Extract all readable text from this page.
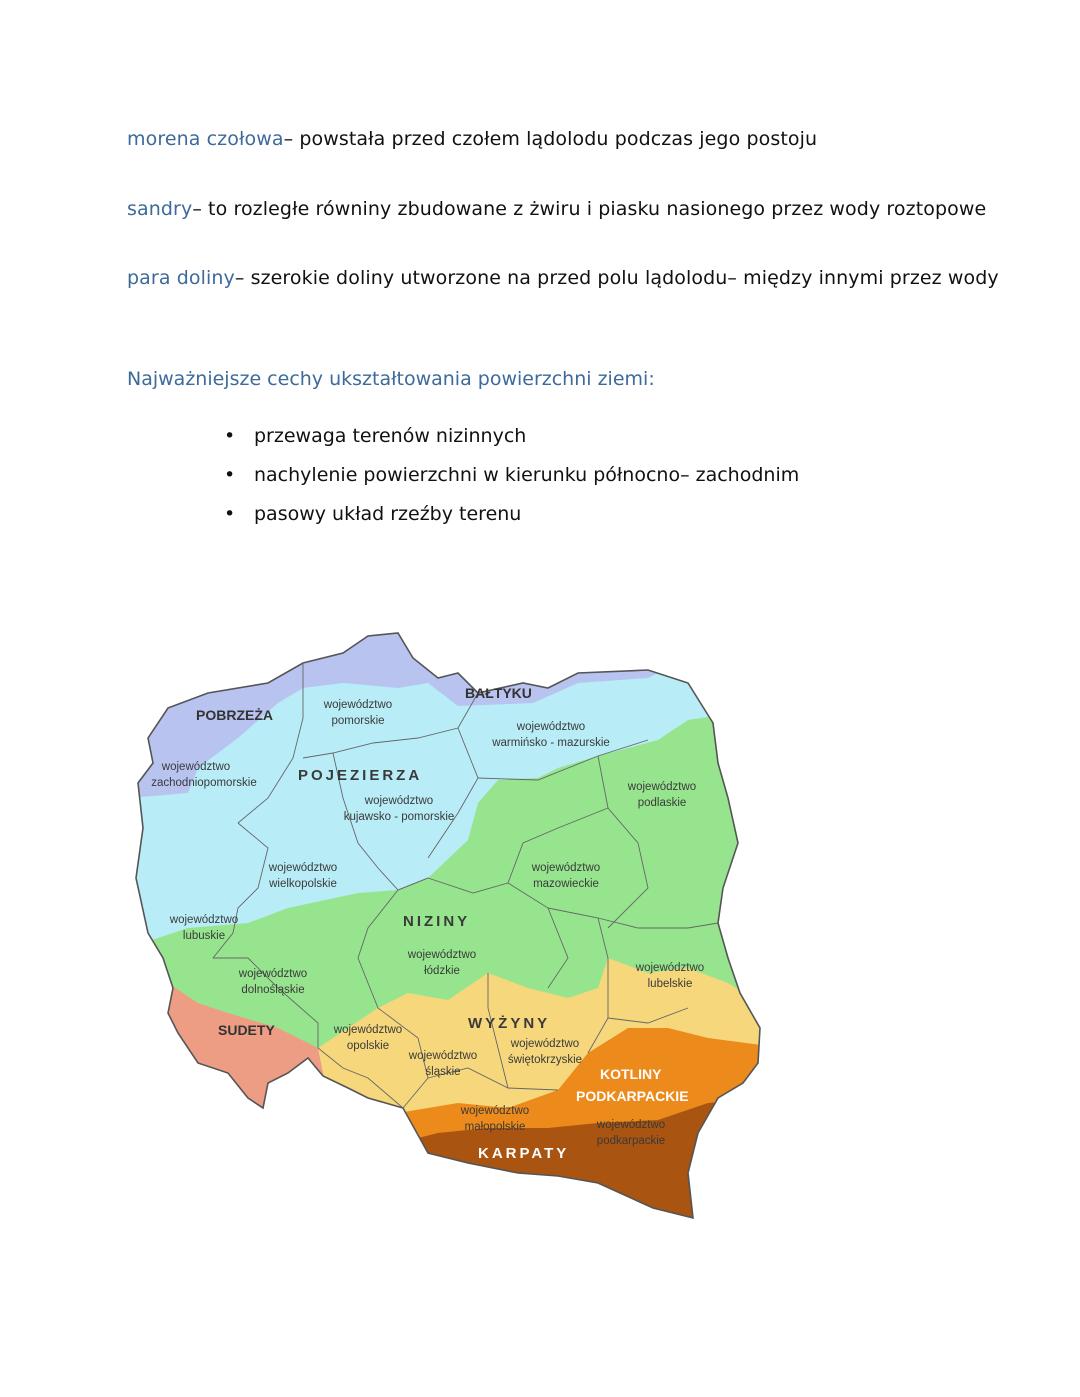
morena czołowa– powstała przed czołem lądolodu podczas jego postoju
sandry– to rozległe równiny zbudowane z żwiru i piasku nasionego przez wody roztopowe
para doliny– szerokie doliny utworzone na przed polu lądolodu– między innymi przez wody
Najważniejsze cechy ukształtowania powierzchni ziemi:
• przewaga terenów nizinnych
• nachylenie powierzchni w kierunku północno– zachodnim
• pasowy układ rzeźby terenu
POBRZEŻA
BAŁTYKU
POJEZIERZA
NIZINY
WYŻYNY
KOTLINY
PODKARPACKIE
KARPATY
SUDETY
województwo pomorskie	województwo warmińsko - mazurskie
województwo zachodniopomorskie
województwo kujawsko - pomorskie
województwo podlaskie
województwo wielkopolskie
województwo mazowieckie
województwo lubuskie
województwo łódzkie
województwo dolnośląskie
województwo lubelskie
województwo opolskie
województwo śląskie
województwo świętokrzyskie
województwo małopolskie	województwo podkarpackie
